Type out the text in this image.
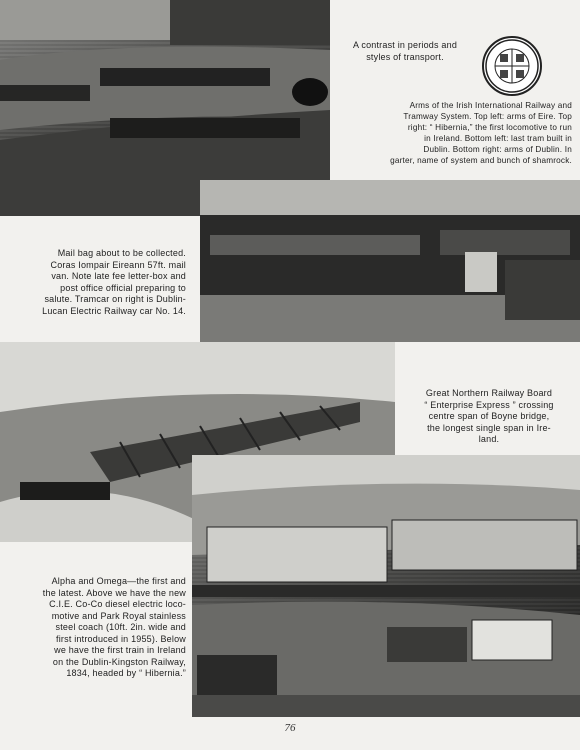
A contrast in periods and
styles of transport.
Arms of the Irish International Railway and
Tramway System. Top left: arms of Eire. Top
right: “ Hibernia,” the first locomotive to run
in Ireland. Bottom left: last tram built in
Dublin. Bottom right: arms of Dublin. In
garter, name of system and bunch of shamrock.
Mail bag about to be collected.
Coras Iompair Eireann 57ft. mail
van. Note late fee letter-box and
post office official preparing to
salute. Tramcar on right is Dublin-
Lucan Electric Railway car No. 14.
Great Northern Railway Board
“ Enterprise Express ” crossing
centre span of Boyne bridge,
the longest single span in Ire-
land.
Alpha and Omega—the first and
the latest. Above we have the new
C.I.E. Co-Co diesel electric loco-
motive and Park Royal stainless
steel coach (10ft. 2in. wide and
first introduced in 1955). Below
we have the first train in Ireland
on the Dublin-Kingston Railway,
1834, headed by “ Hibernia.”
76
